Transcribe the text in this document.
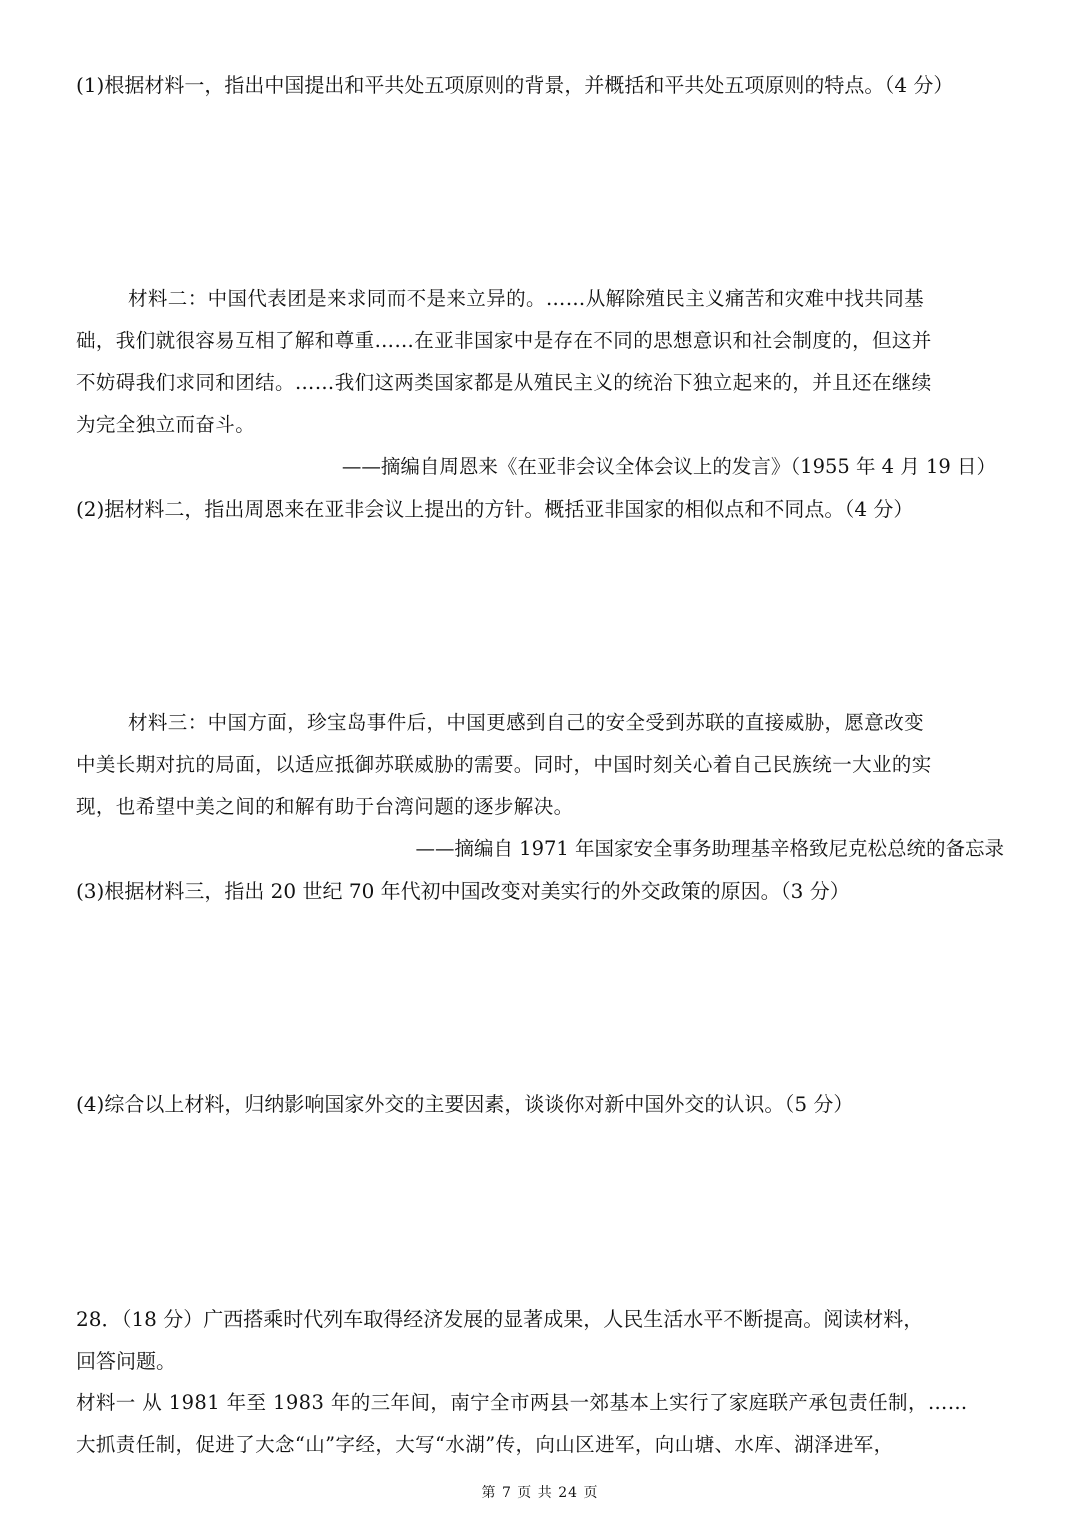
(1)根据材料一，指出中国提出和平共处五项原则的背景，并概括和平共处五项原则的特点。（4 分）
材料二：中国代表团是来求同而不是来立异的。……从解除殖民主义痛苦和灾难中找共同基
础，我们就很容易互相了解和尊重……在亚非国家中是存在不同的思想意识和社会制度的，但这并
不妨碍我们求同和团结。……我们这两类国家都是从殖民主义的统治下独立起来的，并且还在继续
为完全独立而奋斗。
——摘编自周恩来《在亚非会议全体会议上的发言》（1955 年 4 月 19 日）
(2)据材料二，指出周恩来在亚非会议上提出的方针。概括亚非国家的相似点和不同点。（4 分）
材料三：中国方面，珍宝岛事件后，中国更感到自己的安全受到苏联的直接威胁，愿意改变
中美长期对抗的局面，以适应抵御苏联威胁的需要。同时，中国时刻关心着自己民族统一大业的实
现，也希望中美之间的和解有助于台湾问题的逐步解决。
——摘编自 1971 年国家安全事务助理基辛格致尼克松总统的备忘录
(3)根据材料三，指出 20 世纪 70 年代初中国改变对美实行的外交政策的原因。（3 分）
(4)综合以上材料，归纳影响国家外交的主要因素，谈谈你对新中国外交的认识。（5 分）
28．（18 分）广西搭乘时代列车取得经济发展的显著成果，人民生活水平不断提高。阅读材料，
回答问题。
材料一 从 1981 年至 1983 年的三年间，南宁全市两县一郊基本上实行了家庭联产承包责任制，……
大抓责任制，促进了大念“山”字经，大写“水湖”传，向山区进军，向山塘、水库、湖泽进军，
第 7 页 共 24 页
